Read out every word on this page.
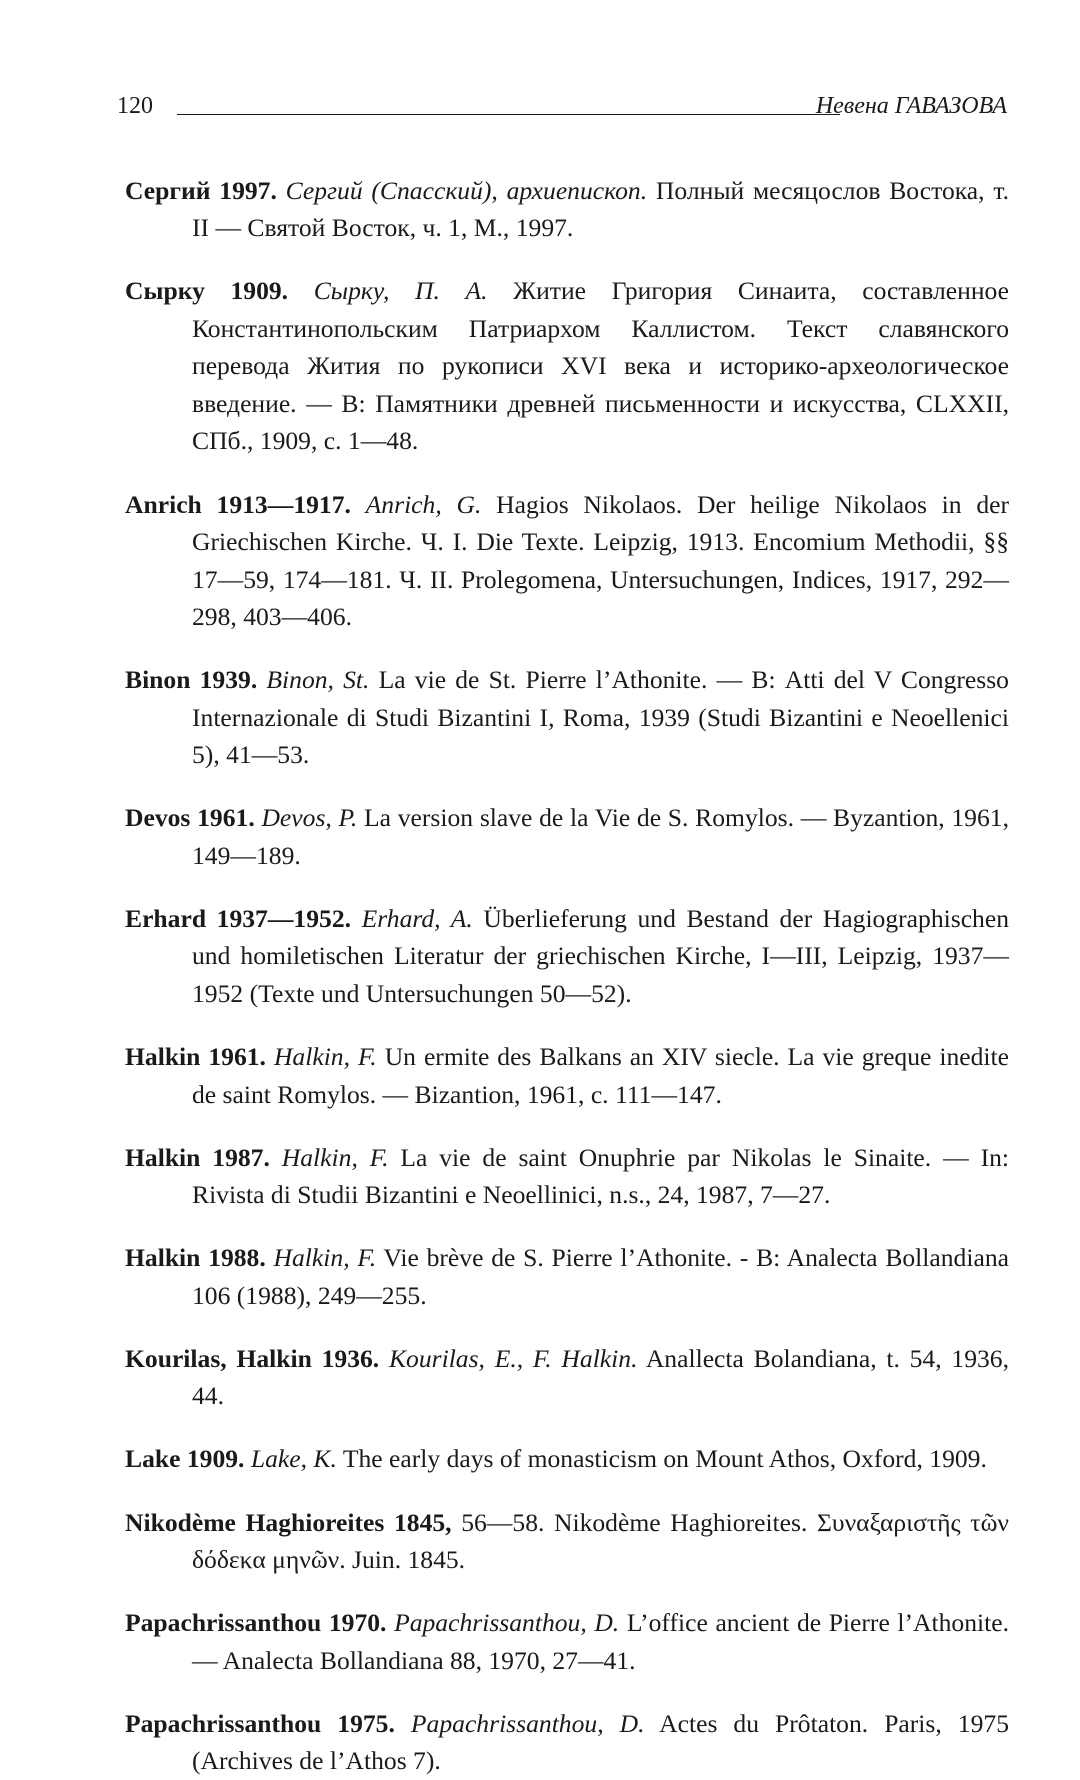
120	Невена ГАВАЗОВА

Сергий 1997. Сергий (Спасский), архиепископ. Полный месяцослов Востока, т. II — Святой Восток, ч. 1, М., 1997.

Сырку 1909. Сырку, П. А. Житие Григория Синаита, составленное Константинопольским Патриархом Каллистом. Текст славянского перевода Жития по рукописи XVI века и историко-археологическое введение. — В: Памятники древней письменности и искусства, CLXXII, СПб., 1909, с. 1—48.

Anrich 1913—1917. Anrich, G. Hagios Nikolaos. Der heilige Nikolaos in der Griechischen Kirche. Ч. I. Die Texte. Leipzig, 1913. Encomium Methodii, §§ 17—59, 174—181. Ч. II. Prolegomena, Untersuchungen, Indices, 1917, 292—298, 403—406.

Binon 1939. Binon, St. La vie de St. Pierre l’Athonite. — В: Atti del V Congresso Internazionale di Studi Bizantini I, Roma, 1939 (Studi Bizantini e Neoellenici 5), 41—53.

Devos 1961. Devos, P. La version slave de la Vie de S. Romylos. — Byzantion, 1961, 149—189.

Erhard 1937—1952. Erhard, A. Überlieferung und Bestand der Hagiographischen und homiletischen Literatur der griechischen Kirche, I—III, Leipzig, 1937—1952 (Texte und Untersuchungen 50—52).

Halkin 1961. Halkin, F. Un ermite des Balkans an XIV siecle. La vie greque inedite de saint Romylos. — Bizantion, 1961, c. 111—147.

Halkin 1987. Halkin, F. La vie de saint Onuphrie par Nikolas le Sinaite. — In: Rivista di Studii Bizantini e Neoellinici, n.s., 24, 1987, 7—27.

Halkin 1988. Halkin, F. Vie brève de S. Pierre l’Athonite. - B: Analecta Bollandiana 106 (1988), 249—255.

Kourilas, Halkin 1936. Kourilas, E., F. Halkin. Anallecta Bolandiana, t. 54, 1936, 44.

Lake 1909. Lake, K. The early days of monasticism on Mount Athos, Oxford, 1909.

Nikodème Haghioreites 1845, 56—58. Nikodème Haghioreites. Συναξαριστῆς τῶν δόδεκα μηνῶν. Juin. 1845.

Papachrissanthou 1970. Papachrissanthou, D. L’office ancient de Pierre l’Athonite. — Analecta Bollandiana 88, 1970, 27—41.

Papachrissanthou 1975. Papachrissanthou, D. Actes du Prôtaton. Paris, 1975 (Archives de l’Athos 7).
